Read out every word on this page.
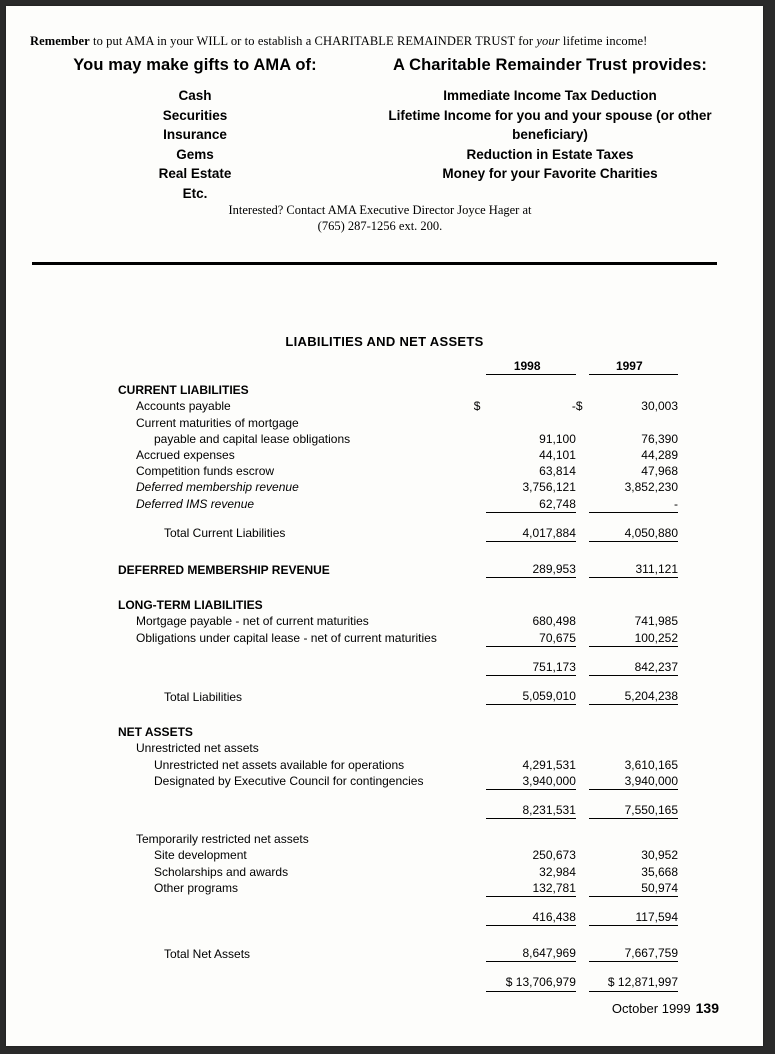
Remember to put AMA in your WILL or to establish a CHARITABLE REMAINDER TRUST for your lifetime income!
You may make gifts to AMA of:
Cash
Securities
Insurance
Gems
Real Estate
Etc.
A Charitable Remainder Trust provides:
Immediate Income Tax Deduction
Lifetime Income for you and your spouse (or other beneficiary)
Reduction in Estate Taxes
Money for your Favorite Charities
Interested? Contact AMA Executive Director Joyce Hager at
(765) 287-1256 ext. 200.
LIABILITIES AND NET ASSETS
		1998		1997

CURRENT LIABILITIES				
Accounts payable	$	-	$	30,003
Current maturities of mortgage				
payable and capital lease obligations		91,100		76,390
Accrued expenses		44,101		44,289
Competition funds escrow		63,814		47,968
Deferred membership revenue		3,756,121		3,852,230
Deferred IMS revenue		62,748		-

Total Current Liabilities		4,017,884		4,050,880

DEFERRED MEMBERSHIP REVENUE		289,953		311,121

LONG-TERM LIABILITIES				
Mortgage payable - net of current maturities		680,498		741,985
Obligations under capital lease - net of current maturities		70,675		100,252

		751,173		842,237

Total Liabilities		5,059,010		5,204,238

NET ASSETS				
Unrestricted net assets				
Unrestricted net assets available for operations		4,291,531		3,610,165
Designated by Executive Council for contingencies		3,940,000		3,940,000

		8,231,531		7,550,165

Temporarily restricted net assets				
Site development		250,673		30,952
Scholarships and awards		32,984		35,668
Other programs		132,781		50,974

		416,438		117,594

Total Net Assets		8,647,969		7,667,759

		$ 13,706,979		$ 12,871,997
October 1999 139
